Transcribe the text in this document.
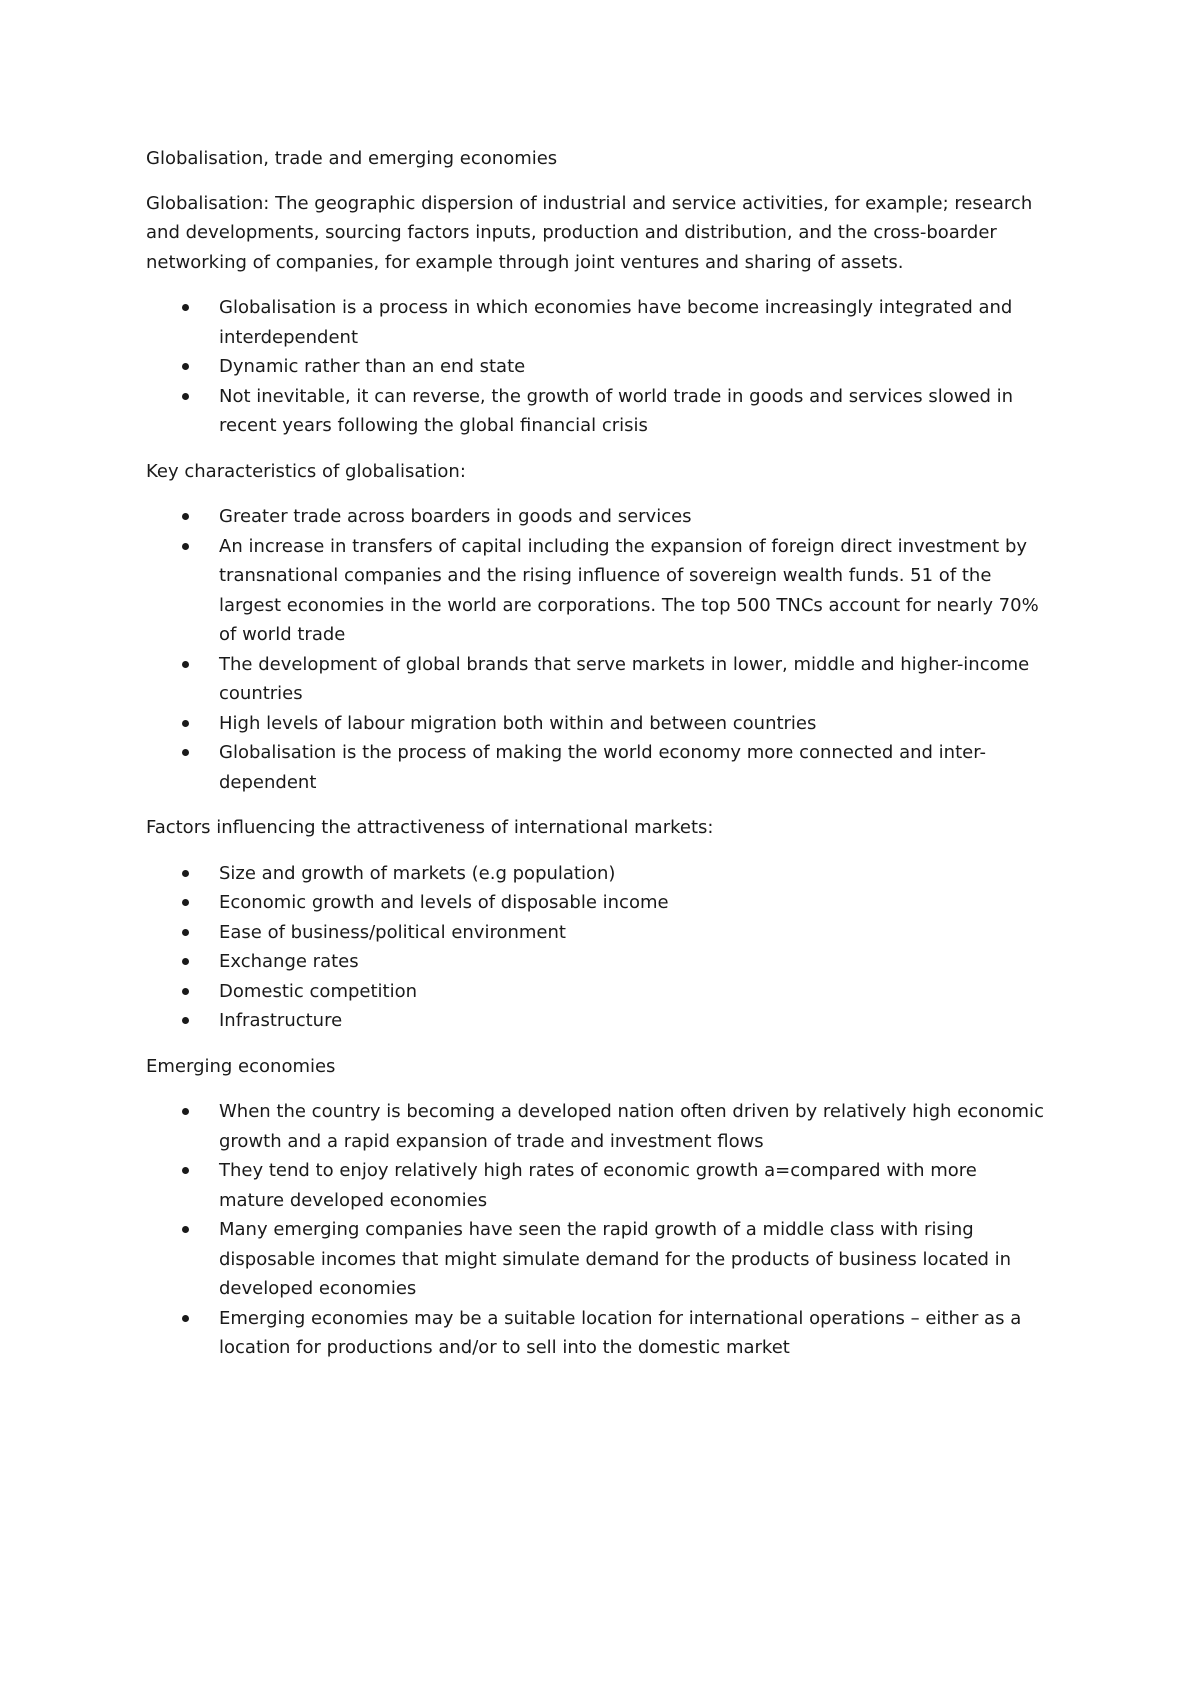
Globalisation, trade and emerging economies

Globalisation: The geographic dispersion of industrial and service activities, for example; research and developments, sourcing factors inputs, production and distribution, and the cross-boarder networking of companies, for example through joint ventures and sharing of assets.

Globalisation is a process in which economies have become increasingly integrated and interdependent
Dynamic rather than an end state
Not inevitable, it can reverse, the growth of world trade in goods and services slowed in recent years following the global financial crisis

Key characteristics of globalisation:

Greater trade across boarders in goods and services
An increase in transfers of capital including the expansion of foreign direct investment by transnational companies and the rising influence of sovereign wealth funds. 51 of the largest economies in the world are corporations. The top 500 TNCs account for nearly 70% of world trade
The development of global brands that serve markets in lower, middle and higher-income countries
High levels of labour migration both within and between countries
Globalisation is the process of making the world economy more connected and inter-dependent

Factors influencing the attractiveness of international markets:

Size and growth of markets (e.g population)
Economic growth and levels of disposable income
Ease of business/political environment
Exchange rates
Domestic competition
Infrastructure

Emerging economies

When the country is becoming a developed nation often driven by relatively high economic growth and a rapid expansion of trade and investment flows
They tend to enjoy relatively high rates of economic growth a=compared with more mature developed economies
Many emerging companies have seen the rapid growth of a middle class with rising disposable incomes that might simulate demand for the products of business located in developed economies
Emerging economies may be a suitable location for international operations – either as a location for productions and/or to sell into the domestic market
